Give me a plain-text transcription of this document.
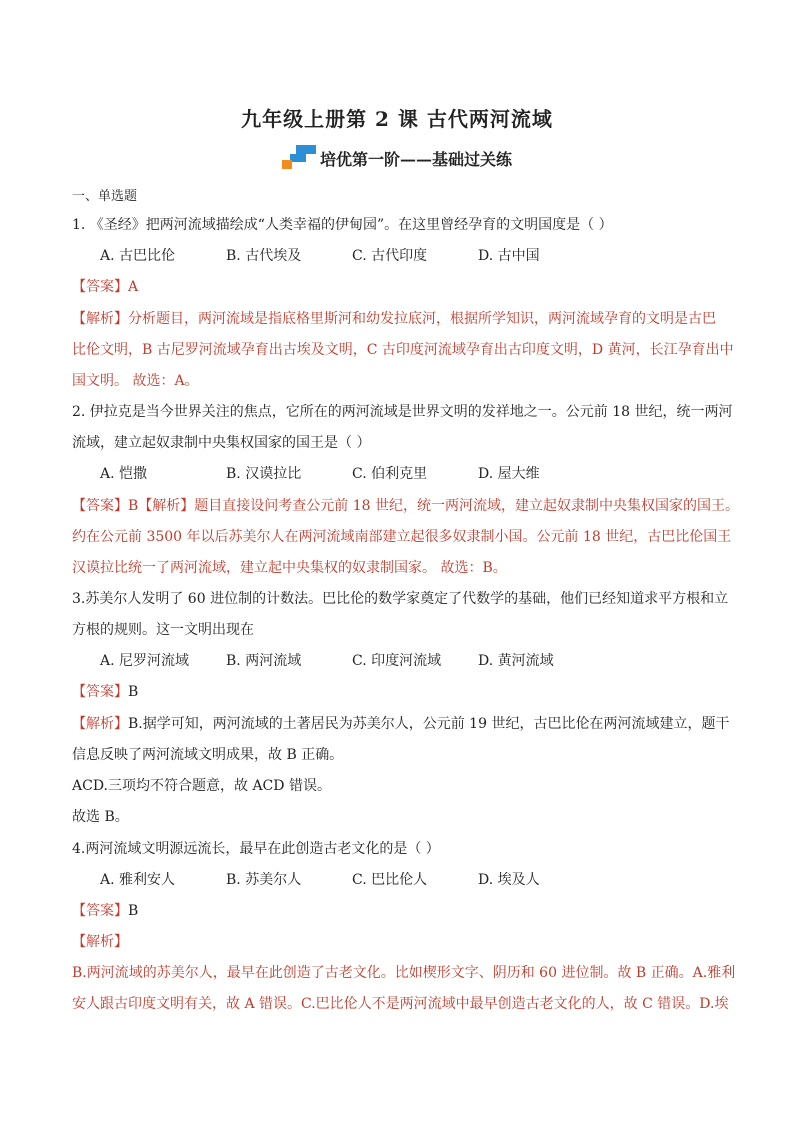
九年级上册第 2 课 古代两河流域
培优第一阶——基础过关练
一、单选题
1. 《圣经》把两河流域描绘成“人类幸福的伊甸园”。在这里曾经孕育的文明国度是（ ）
A. 古巴比伦	B. 古代埃及	C. 古代印度	D. 古中国
【答案】A
【解析】分析题目，两河流域是指底格里斯河和幼发拉底河，根据所学知识，两河流域孕育的文明是古巴
比伦文明，B 古尼罗河流域孕育出古埃及文明，C 古印度河流域孕育出古印度文明，D 黄河，长江孕育出中
国文明。 故选：A。
2. 伊拉克是当今世界关注的焦点，它所在的两河流域是世界文明的发祥地之一。公元前 18 世纪，统一两河
流域，建立起奴隶制中央集权国家的国王是（ ）
A. 恺撒	B. 汉谟拉比	C. 伯利克里	D. 屋大维
【答案】B【解析】题目直接设问考查公元前 18 世纪，统一两河流域，建立起奴隶制中央集权国家的国王。
约在公元前 3500 年以后苏美尔人在两河流域南部建立起很多奴隶制小国。公元前 18 世纪，古巴比伦国王
汉谟拉比统一了两河流域，建立起中央集权的奴隶制国家。 故选：B。
3.苏美尔人发明了 60 进位制的计数法。巴比伦的数学家奠定了代数学的基础，他们已经知道求平方根和立
方根的规则。这一文明出现在
A. 尼罗河流域	B. 两河流域	C. 印度河流域	D. 黄河流域
【答案】B
【解析】B.据学可知，两河流域的土著居民为苏美尔人，公元前 19 世纪，古巴比伦在两河流域建立，题干
信息反映了两河流域文明成果，故 B 正确。
ACD.三项均不符合题意，故 ACD 错误。
故选 B。
4.两河流域文明源远流长，最早在此创造古老文化的是（ ）
A. 雅利安人	B. 苏美尔人	C. 巴比伦人	D. 埃及人
【答案】B
【解析】
B.两河流域的苏美尔人，最早在此创造了古老文化。比如楔形文字、阴历和 60 进位制。故 B 正确。A.雅利
安人跟古印度文明有关，故 A 错误。C.巴比伦人不是两河流域中最早创造古老文化的人，故 C 错误。D.埃
